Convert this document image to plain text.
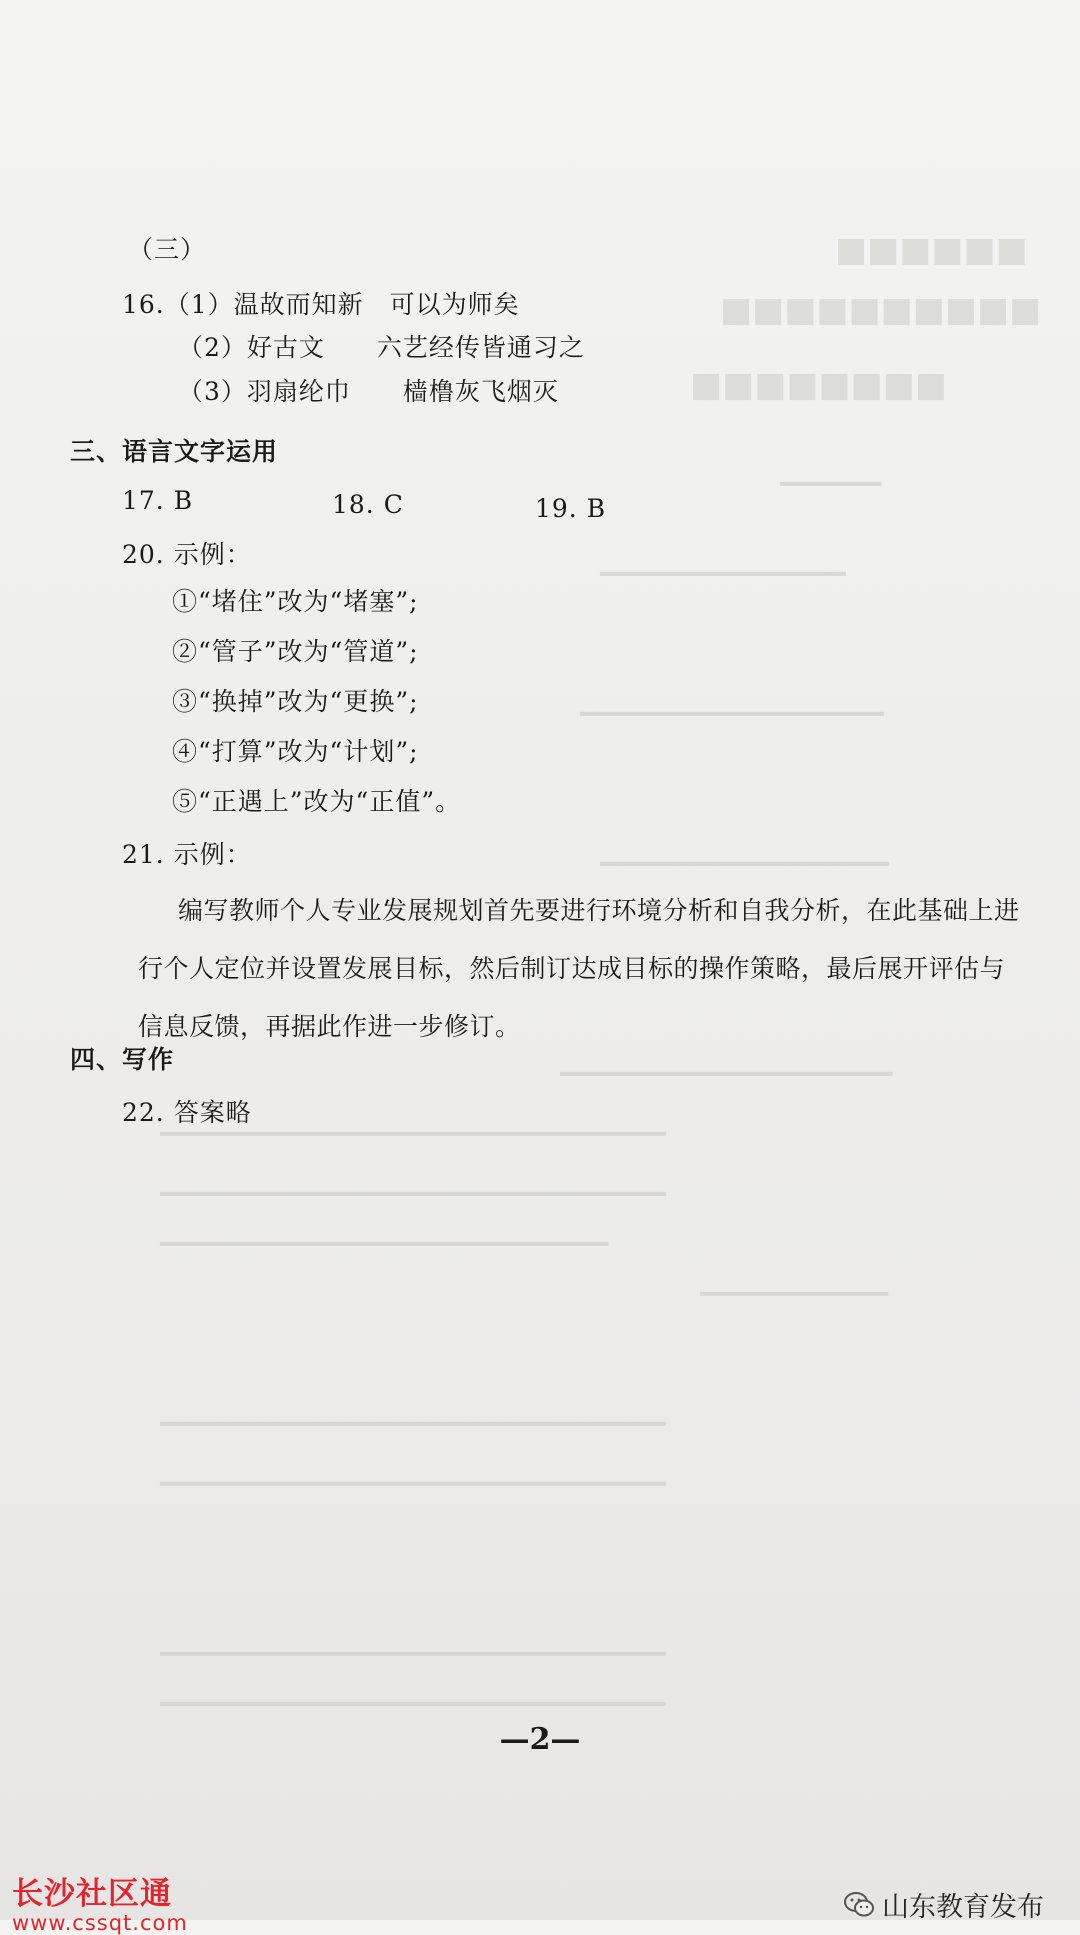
■■■■■■
■■■■■■■■■■
■■■■■■■■
━━━━━━━
━━━━━━━━━━━━━━━━━
━━━━━━━━━━━━━━━━━━━━━
━━━━━━━━━━━━━━━━━━━━
━━━━━━━━━━━━━━━━━━━━━━━
━━━━━━━━━━━━━━━━━━━━━━━━━━━━━━━━━━━
━━━━━━━━━━━━━━━━━━━━━━━━━━━━━━━━━━━
━━━━━━━━━━━━━━━━━━━━━━━━━━━━━━━
━━━━━━━━━━━━━
━━━━━━━━━━━━━━━━━━━━━━━━━━━━━━━━━━━
━━━━━━━━━━━━━━━━━━━━━━━━━━━━━━━━━━━
━━━━━━━━━━━━━━━━━━━━━━━━━━━━━━━━━━━
━━━━━━━━━━━━━━━━━━━━━━━━━━━━━━━━━━━
（三）
16.（1）温故而知新　可以为师矣
（2）好古文　　六艺经传皆通习之
（3）羽扇纶巾　　樯橹灰飞烟灭
三、语言文字运用
17. B	18. C	19. B
20. 示例：
①“堵住”改为“堵塞”;
②“管子”改为“管道”;
③“换掉”改为“更换”;
④“打算”改为“计划”;
⑤“正遇上”改为“正值”。
21. 示例：
编写教师个人专业发展规划首先要进行环境分析和自我分析，在此基础上进行个人定位并设置发展目标，然后制订达成目标的操作策略，最后展开评估与信息反馈，再据此作进一步修订。
四、写作
22. 答案略
—2—
长沙社区通
www.cssqt.com	山东教育发布
